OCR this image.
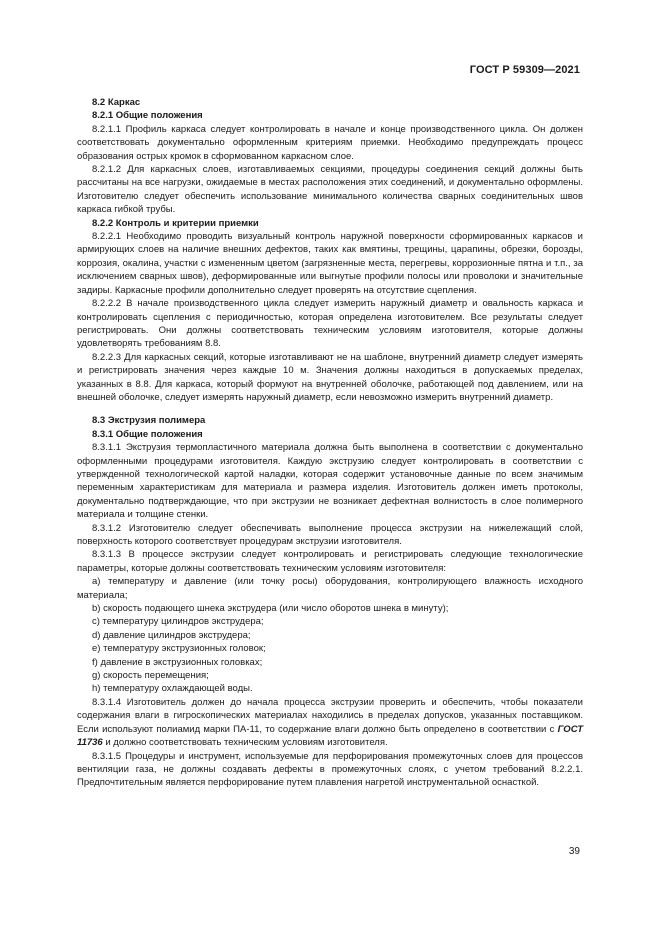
ГОСТ Р 59309—2021

8.2 Каркас

8.2.1 Общие положения

8.2.1.1 Профиль каркаса следует контролировать в начале и конце производственного цикла. Он должен соответствовать документально оформленным критериям приемки. Необходимо предупреждать процесс образования острых кромок в сформованном каркасном слое.

8.2.1.2 Для каркасных слоев, изготавливаемых секциями, процедуры соединения секций должны быть рассчитаны на все нагрузки, ожидаемые в местах расположения этих соединений, и документально оформлены. Изготовителю следует обеспечить использование минимального количества сварных соединительных швов каркаса гибкой трубы.

8.2.2 Контроль и критерии приемки

8.2.2.1 Необходимо проводить визуальный контроль наружной поверхности сформированных каркасов и армирующих слоев на наличие внешних дефектов, таких как вмятины, трещины, царапины, обрезки, борозды, коррозия, окалина, участки с измененным цветом (загрязненные места, перегревы, коррозионные пятна и т.п., за исключением сварных швов), деформированные или выгнутые профили полосы или проволоки и значительные задиры. Каркасные профили дополнительно следует проверять на отсутствие сцепления.

8.2.2.2 В начале производственного цикла следует измерить наружный диаметр и овальность каркаса и контролировать сцепления с периодичностью, которая определена изготовителем. Все результаты следует регистрировать. Они должны соответствовать техническим условиям изготовителя, которые должны удовлетворять требованиям 8.8.

8.2.2.3 Для каркасных секций, которые изготавливают не на шаблоне, внутренний диаметр следует измерять и регистрировать значения через каждые 10 м. Значения должны находиться в допускаемых пределах, указанных в 8.8. Для каркаса, который формуют на внутренней оболочке, работающей под давлением, или на внешней оболочке, следует измерять наружный диаметр, если невозможно измерить внутренний диаметр.

8.3 Экструзия полимера

8.3.1 Общие положения

8.3.1.1 Экструзия термопластичного материала должна быть выполнена в соответствии с документально оформленными процедурами изготовителя. Каждую экструзию следует контролировать в соответствии с утвержденной технологической картой наладки, которая содержит установочные данные по всем значимым переменным характеристикам для материала и размера изделия. Изготовитель должен иметь протоколы, документально подтверждающие, что при экструзии не возникает дефектная волнистость в слое полимерного материала и толщине стенки.

8.3.1.2 Изготовителю следует обеспечивать выполнение процесса экструзии на нижележащий слой, поверхность которого соответствует процедурам экструзии изготовителя.

8.3.1.3 В процессе экструзии следует контролировать и регистрировать следующие технологические параметры, которые должны соответствовать техническим условиям изготовителя:

а) температуру и давление (или точку росы) оборудования, контролирующего влажность исходного материала;

b) скорость подающего шнека экструдера (или число оборотов шнека в минуту);

c) температуру цилиндров экструдера;

d) давление цилиндров экструдера;

e) температуру экструзионных головок;

f) давление в экструзионных головках;

g) скорость перемещения;

h) температуру охлаждающей воды.

8.3.1.4 Изготовитель должен до начала процесса экструзии проверить и обеспечить, чтобы показатели содержания влаги в гигроскопических материалах находились в пределах допусков, указанных поставщиком. Если используют полиамид марки ПА-11, то содержание влаги должно быть определено в соответствии с ГОСТ 11736 и должно соответствовать техническим условиям изготовителя.

8.3.1.5 Процедуры и инструмент, используемые для перфорирования промежуточных слоев для процессов вентиляции газа, не должны создавать дефекты в промежуточных слоях, с учетом требований 8.2.2.1. Предпочтительным является перфорирование путем плавления нагретой инструментальной оснасткой.

39
